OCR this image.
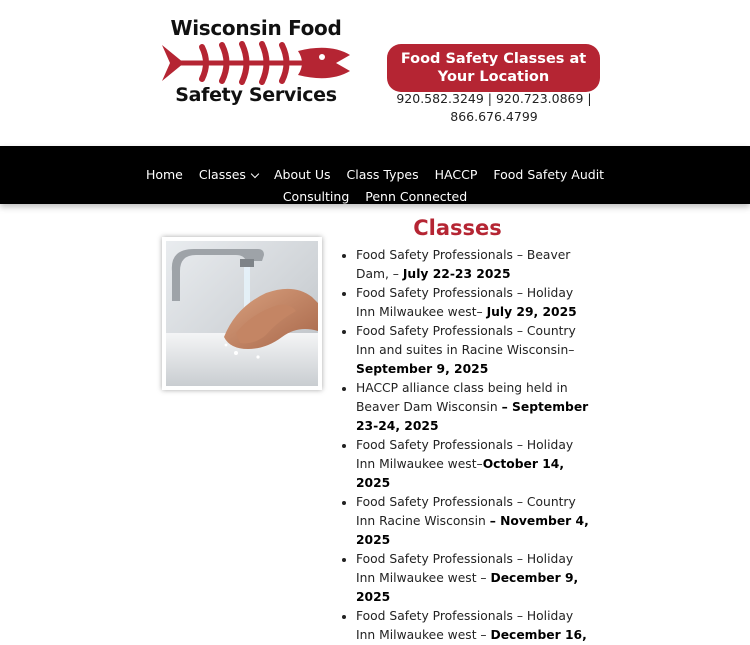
Wisconsin Food
Safety Services
Food Safety Classes at Your Location
920.582.3249 | 920.723.0869 | 866.676.4799
Home Classes	About Us Class Types HACCP Food Safety Audit
Consulting Penn Connected
Classes
• Food Safety Professionals – Beaver Dam, – July 22-23 2025
• Food Safety Professionals – Holiday Inn Milwaukee west– July 29, 2025
• Food Safety Professionals – Country Inn and suites in Racine Wisconsin– September 9, 2025
• HACCP alliance class being held in Beaver Dam Wisconsin – September 23-24, 2025
• Food Safety Professionals – Holiday Inn Milwaukee west–October 14, 2025
• Food Safety Professionals – Country Inn Racine Wisconsin – November 4, 2025
• Food Safety Professionals – Holiday Inn Milwaukee west – December 9, 2025
• Food Safety Professionals – Holiday Inn Milwaukee west – December 16,
